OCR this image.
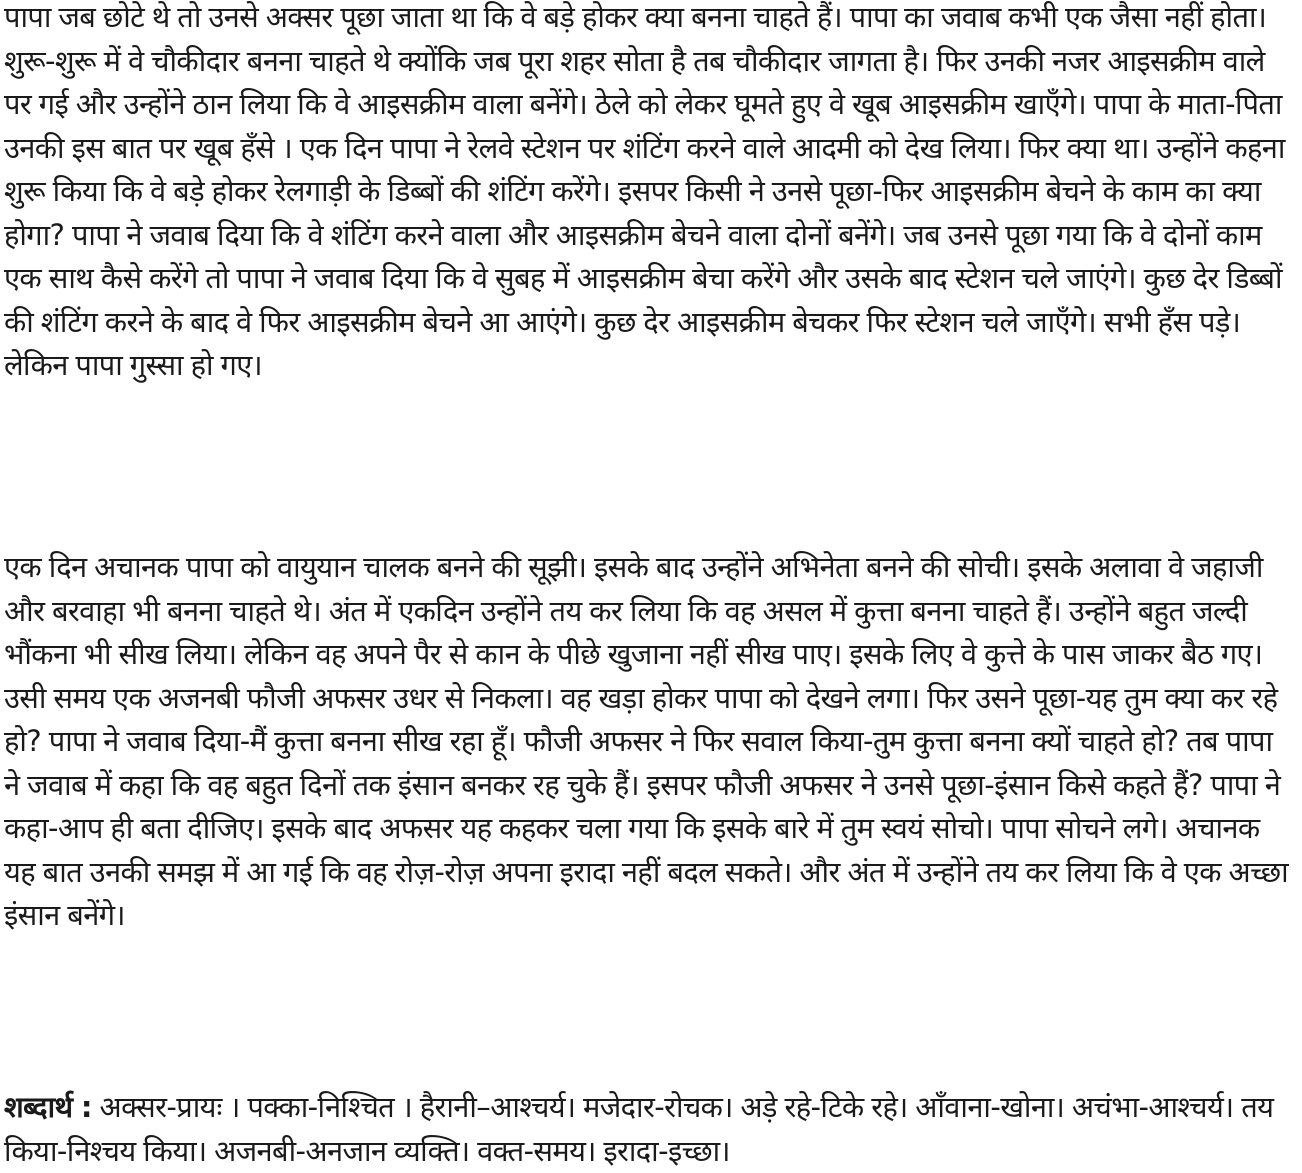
पापा जब छोटे थे तो उनसे अक्सर पूछा जाता था कि वे बड़े होकर क्या बनना चाहते हैं। पापा का जवाब कभी एक जैसा नहीं होता। शुरू-शुरू में वे चौकीदार बनना चाहते थे क्योंकि जब पूरा शहर सोता है तब चौकीदार जागता है। फिर उनकी नजर आइसक्रीम वाले पर गई और उन्होंने ठान लिया कि वे आइसक्रीम वाला बनेंगे। ठेले को लेकर घूमते हुए वे खूब आइसक्रीम खाएँगे। पापा के माता-पिता उनकी इस बात पर खूब हँसे । एक दिन पापा ने रेलवे स्टेशन पर शंटिंग करने वाले आदमी को देख लिया। फिर क्या था। उन्होंने कहना शुरू किया कि वे बड़े होकर रेलगाड़ी के डिब्बों की शंटिंग करेंगे। इसपर किसी ने उनसे पूछा-फिर आइसक्रीम बेचने के काम का क्या होगा? पापा ने जवाब दिया कि वे शंटिंग करने वाला और आइसक्रीम बेचने वाला दोनों बनेंगे। जब उनसे पूछा गया कि वे दोनों काम एक साथ कैसे करेंगे तो पापा ने जवाब दिया कि वे सुबह में आइसक्रीम बेचा करेंगे और उसके बाद स्टेशन चले जाएंगे। कुछ देर डिब्बों की शंटिंग करने के बाद वे फिर आइसक्रीम बेचने आ आएंगे। कुछ देर आइसक्रीम बेचकर फिर स्टेशन चले जाएँगे। सभी हँस पड़े। लेकिन पापा गुस्सा हो गए।

एक दिन अचानक पापा को वायुयान चालक बनने की सूझी। इसके बाद उन्होंने अभिनेता बनने की सोची। इसके अलावा वे जहाजी और बरवाहा भी बनना चाहते थे। अंत में एकदिन उन्होंने तय कर लिया कि वह असल में कुत्ता बनना चाहते हैं। उन्होंने बहुत जल्दी भौंकना भी सीख लिया। लेकिन वह अपने पैर से कान के पीछे खुजाना नहीं सीख पाए। इसके लिए वे कुत्ते के पास जाकर बैठ गए। उसी समय एक अजनबी फौजी अफसर उधर से निकला। वह खड़ा होकर पापा को देखने लगा। फिर उसने पूछा-यह तुम क्या कर रहे हो? पापा ने जवाब दिया-मैं कुत्ता बनना सीख रहा हूँ। फौजी अफसर ने फिर सवाल किया-तुम कुत्ता बनना क्यों चाहते हो? तब पापा ने जवाब में कहा कि वह बहुत दिनों तक इंसान बनकर रह चुके हैं। इसपर फौजी अफसर ने उनसे पूछा-इंसान किसे कहते हैं? पापा ने कहा-आप ही बता दीजिए। इसके बाद अफसर यह कहकर चला गया कि इसके बारे में तुम स्वयं सोचो। पापा सोचने लगे। अचानक यह बात उनकी समझ में आ गई कि वह रोज़-रोज़ अपना इरादा नहीं बदल सकते। और अंत में उन्होंने तय कर लिया कि वे एक अच्छा इंसान बनेंगे।

शब्दार्थ : अक्सर-प्रायः । पक्का-निश्चित । हैरानी–आश्चर्य। मजेदार-रोचक। अड़े रहे-टिके रहे। आँवाना-खोना। अचंभा-आश्चर्य। तय किया-निश्चय किया। अजनबी-अनजान व्यक्ति। वक्त-समय। इरादा-इच्छा।
